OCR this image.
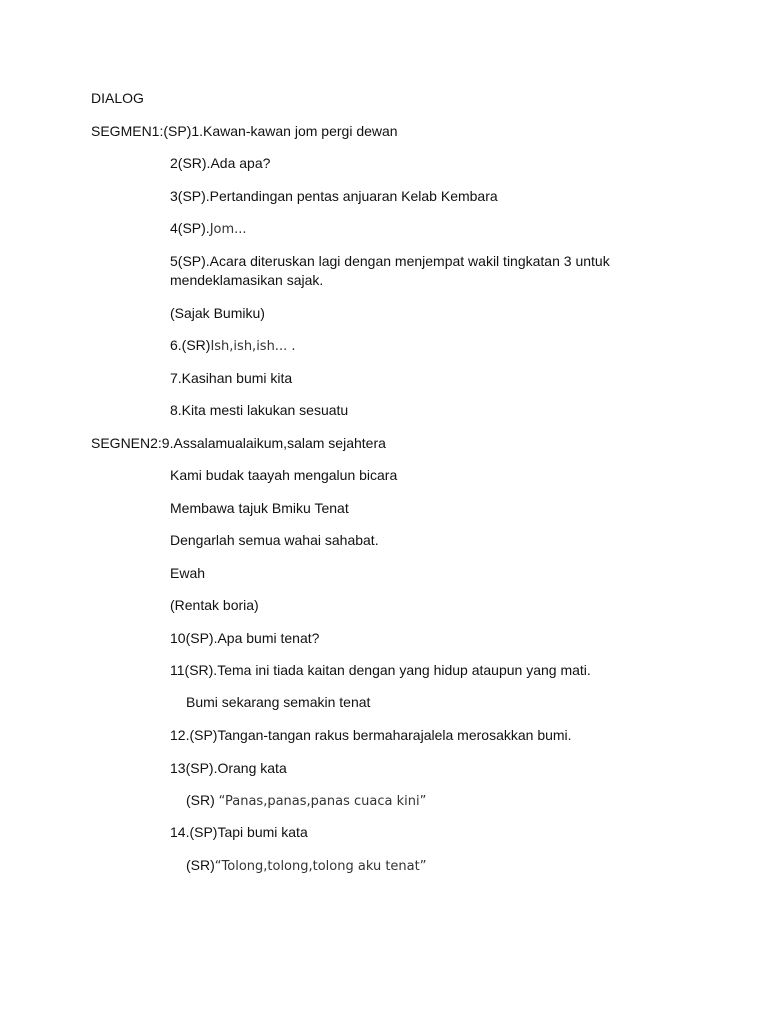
DIALOG
SEGMEN1:(SP)1.Kawan-kawan jom pergi dewan
2(SR).Ada apa?
3(SP).Pertandingan pentas anjuaran Kelab Kembara
4(SP).Jom...
5(SP).Acara diteruskan lagi dengan menjempat wakil tingkatan 3 untuk
mendeklamasikan sajak.
(Sajak Bumiku)
6.(SR)Ish,ish,ish... .
7.Kasihan bumi kita
8.Kita mesti lakukan sesuatu
SEGNEN2:9.Assalamualaikum,salam sejahtera
Kami budak taayah mengalun bicara
Membawa tajuk Bmiku Tenat
Dengarlah semua wahai sahabat.
Ewah
(Rentak boria)
10(SP).Apa bumi tenat?
11(SR).Tema ini tiada kaitan dengan yang hidup ataupun yang mati.
Bumi sekarang semakin tenat
12.(SP)Tangan-tangan rakus bermaharajalela merosakkan bumi.
13(SP).Orang kata
(SR) “Panas,panas,panas cuaca kini”
14.(SP)Tapi bumi kata
(SR)“Tolong,tolong,tolong aku tenat”
